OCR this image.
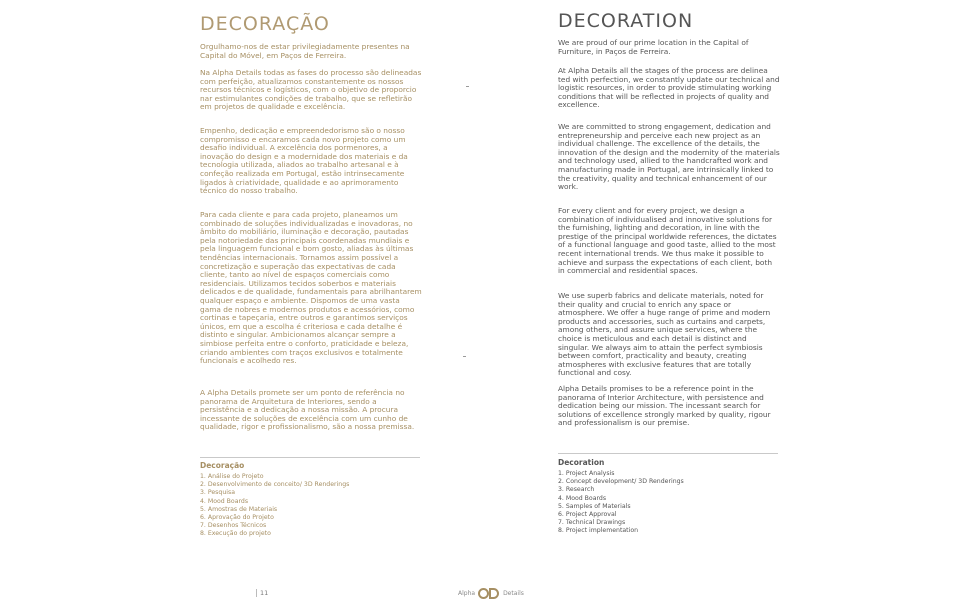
DECORAÇÃO

Orgulhamo-nos de estar privilegiadamente presentes na Capital do Móvel, em Paços de Ferreira.

Na Alpha Details todas as fases do processo são delineadas com perfeição, atualizamos constantemente os nossos recursos técnicos e logísticos, com o objetivo de proporcio nar estimulantes condições de trabalho, que se refletirão em projetos de qualidade e excelência.

Empenho, dedicação e empreendedorismo são o nosso compromisso e encaramos cada novo projeto como um desafio individual. A excelência dos pormenores, a inovação do design e a modernidade dos materiais e da tecnologia utilizada, aliados ao trabalho artesanal e à confeção realizada em Portugal, estão intrinsecamente ligados à criatividade, qualidade e ao aprimoramento técnico do nosso trabalho.

Para cada cliente e para cada projeto, planeamos um combinado de soluções individualizadas e inovadoras, no âmbito do mobiliário, iluminação e decoração, pautadas pela notoriedade das principais coordenadas mundiais e pela linguagem funcional e bom gosto, aliadas às últimas tendências internacionais. Tornamos assim possível a concretização e superação das expectativas de cada cliente, tanto ao nível de espaços comerciais como residenciais. Utilizamos tecidos soberbos e materiais delicados e de qualidade, fundamentais para abrilhantarem qualquer espaço e ambiente. Dispomos de uma vasta gama de nobres e modernos produtos e acessórios, como cortinas e tapeçaria, entre outros e garantimos serviços únicos, em que a escolha é criteriosa e cada detalhe é distinto e singular. Ambicionamos alcançar sempre a simbiose perfeita entre o conforto, praticidade e beleza, criando ambientes com traços exclusivos e totalmente funcionais e acolhedo res.

A Alpha Details promete ser um ponto de referência no panorama de Arquitetura de Interiores, sendo a persistência e a dedicação a nossa missão. A procura incessante de soluções de excelência com um cunho de qualidade, rigor e profissionalismo, são a nossa premissa.

Decoração
1. Análise do Projeto
2. Desenvolvimento de conceito/ 3D Renderings
3. Pesquisa
4. Mood Boards
5. Amostras de Materiais
6. Aprovação do Projeto
7. Desenhos Técnicos
8. Execução do projeto
DECORATION

We are proud of our prime location in the Capital of Furniture, in Paços de Ferreira.

At Alpha Details all the stages of the process are delinea ted with perfection, we constantly update our technical and logistic resources, in order to provide stimulating working conditions that will be reflected in projects of quality and excellence.

We are committed to strong engagement, dedication and entrepreneurship and perceive each new project as an individual challenge. The excellence of the details, the innovation of the design and the modernity of the materials and technology used, allied to the handcrafted work and manufacturing made in Portugal, are intrinsically linked to the creativity, quality and technical enhancement of our work.

For every client and for every project, we design a combination of individualised and innovative solutions for the furnishing, lighting and decoration, in line with the prestige of the principal worldwide references, the dictates of a functional language and good taste, allied to the most recent international trends. We thus make it possible to achieve and surpass the expectations of each client, both in commercial and residential spaces.

We use superb fabrics and delicate materials, noted for their quality and crucial to enrich any space or atmosphere. We offer a huge range of prime and modern products and accessories, such as curtains and carpets, among others, and assure unique services, where the choice is meticulous and each detail is distinct and singular. We always aim to attain the perfect symbiosis between comfort, practicality and beauty, creating atmospheres with exclusive features that are totally functional and cosy.

Alpha Details promises to be a reference point in the panorama of Interior Architecture, with persistence and dedication being our mission. The incessant search for solutions of excellence strongly marked by quality, rigour and professionalism is our premise.

Decoration
1. Project Analysis
2. Concept development/ 3D Renderings
3. Research
4. Mood Boards
5. Samples of Materials
6. Project Approval
7. Technical Drawings
8. Project implementation
11	Alpha	Details
